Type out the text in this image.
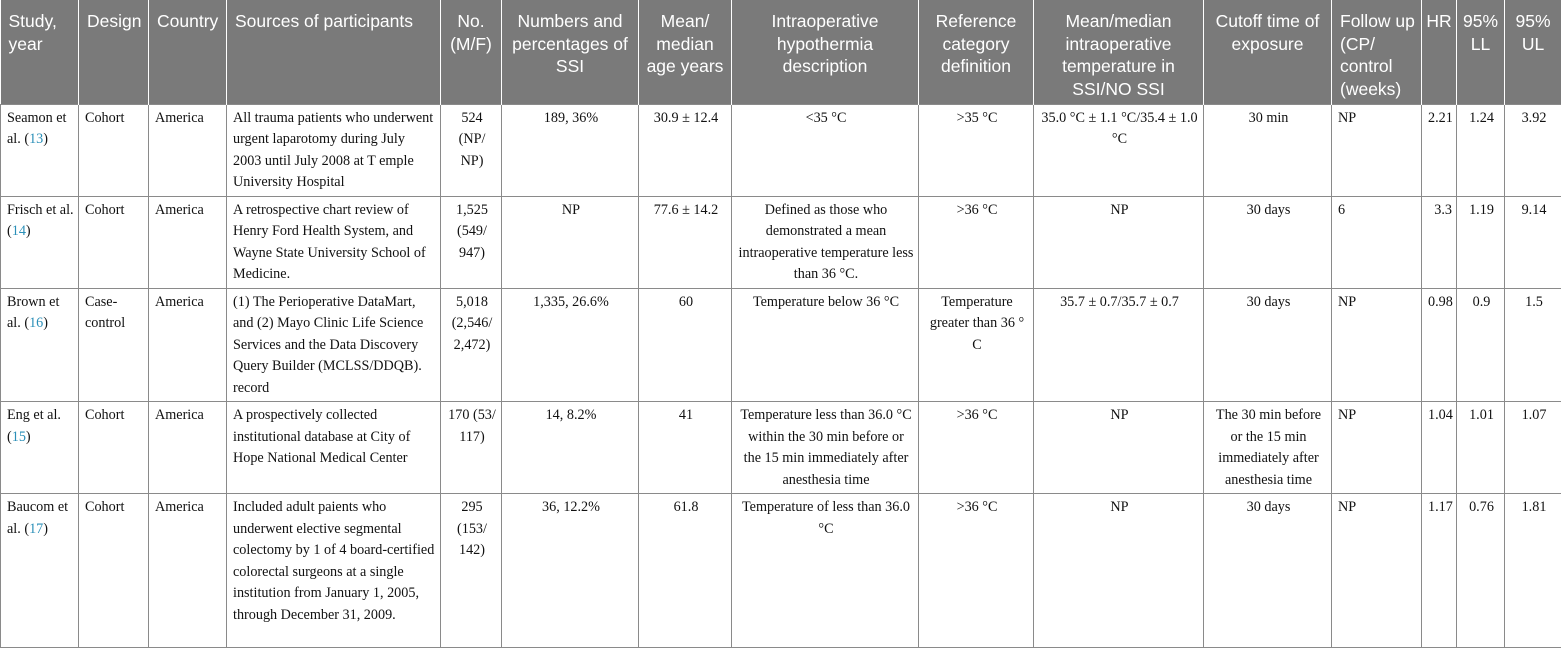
Study, year	Design	Country	Sources of participants	No. (M/F)	Numbers and percentages of SSI	Mean/ median age years	Intraoperative hypothermia description	Reference category definition	Mean/median intraoperative temperature in SSI/NO SSI	Cutoff time of exposure	Follow up (CP/ control (weeks)	HR	95% LL	95% UL
Seamon et al. (13)	Cohort	America	All trauma patients who underwent urgent laparotomy during July 2003 until July 2008 at T emple University Hospital	524 (NP/ NP)	189, 36%	30.9 ± 12.4	<35 °C	>35 °C	35.0 °C ± 1.1 °C/35.4 ± 1.0 °C	30 min	NP	2.21	1.24	3.92
Frisch et al. (14)	Cohort	America	A retrospective chart review of Henry Ford Health System, and Wayne State University School of Medicine.	1,525 (549/ 947)	NP	77.6 ± 14.2	Defined as those who demonstrated a mean intraoperative temperature less than 36 °C.	>36 °C	NP	30 days	6	3.3	1.19	9.14
Brown et al. (16)	Case-control	America	(1) The Perioperative DataMart, and (2) Mayo Clinic Life Science Services and the Data Discovery Query Builder (MCLSS/DDQB). record	5,018 (2,546/ 2,472)	1,335, 26.6%	60	Temperature below 36 °C	Temperature greater than 36 ° C	35.7 ± 0.7/35.7 ± 0.7	30 days	NP	0.98	0.9	1.5
Eng et al. (15)	Cohort	America	A prospectively collected institutional database at City of Hope National Medical Center	170 (53/ 117)	14, 8.2%	41	Temperature less than 36.0 °C within the 30 min before or the 15 min immediately after anesthesia time	>36 °C	NP	The 30 min before or the 15 min immediately after anesthesia time	NP	1.04	1.01	1.07
Baucom et al. (17)	Cohort	America	Included adult paients who underwent elective segmental colectomy by 1 of 4 board-certified colorectal surgeons at a single institution from January 1, 2005, through December 31, 2009.	295 (153/ 142)	36, 12.2%	61.8	Temperature of less than 36.0 °C	>36 °C	NP	30 days	NP	1.17	0.76	1.81
